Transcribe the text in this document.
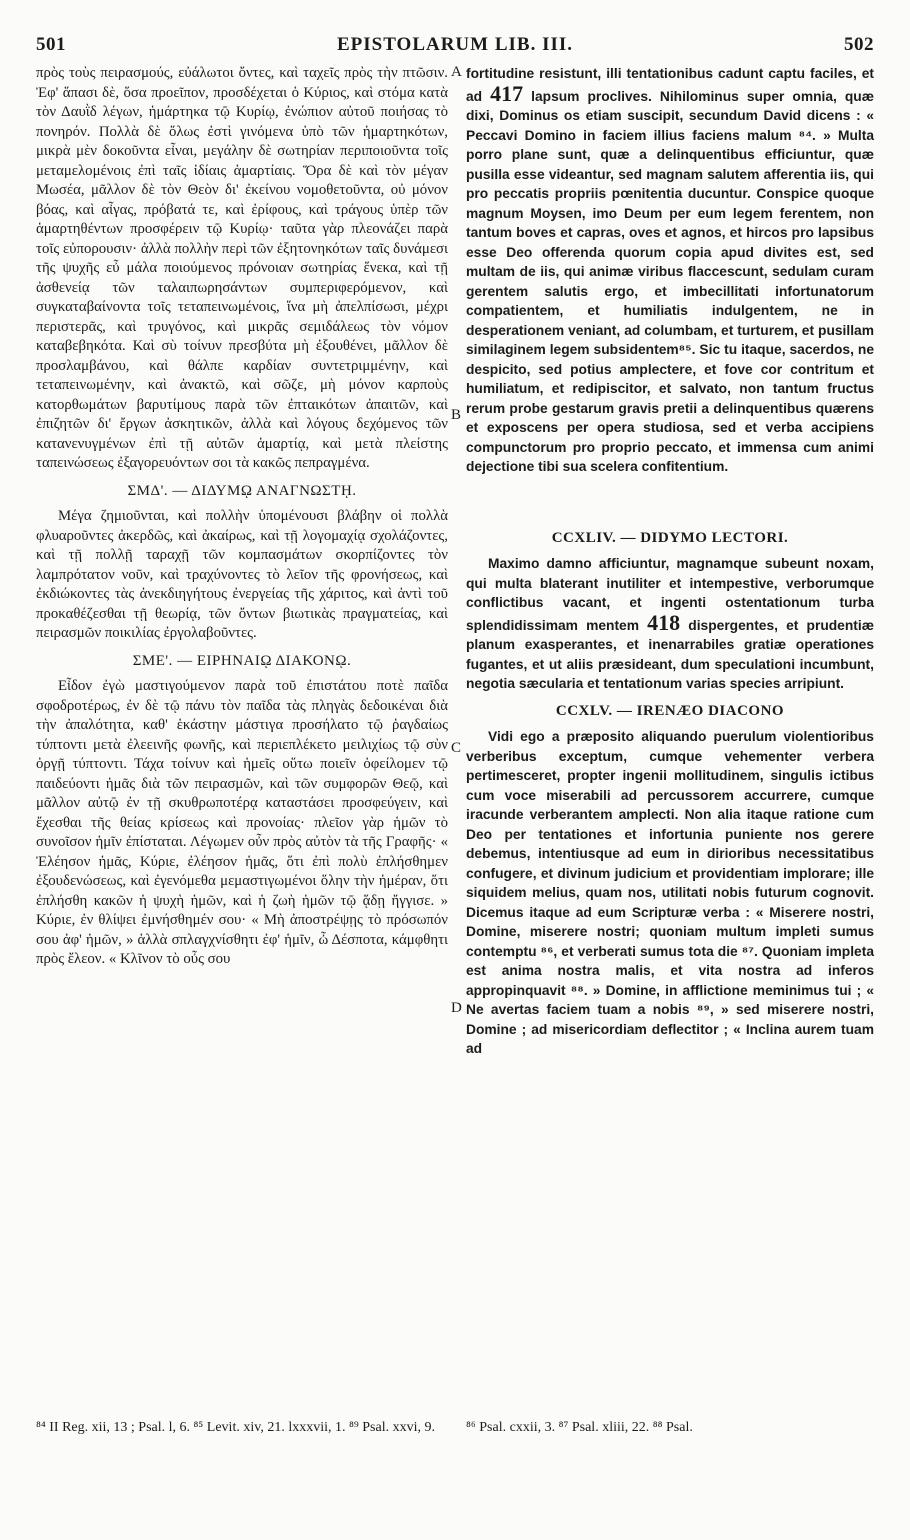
501	EPISTOLARUM LIB. III.	502
A
B
C
D

πρὸς τοὺς πειρασμούς, εὐάλωτοι ὄντες, καὶ ταχεῖς πρὸς τὴν πτῶσιν. Ἐφ' ἅπασι δὲ, ὅσα προεῖπον, προσδέχεται ὁ Κύριος, καὶ στόμα κατὰ τὸν Δαυῒδ λέγων, ἡμάρτηκα τῷ Κυρίῳ, ἐνώπιον αὐτοῦ ποιήσας τὸ πονηρόν. Πολλὰ δὲ ὅλως ἐστὶ γινόμενα ὑπὸ τῶν ἡμαρτηκότων, μικρὰ μὲν δοκοῦντα εἶναι, μεγάλην δὲ σωτηρίαν περιποιοῦντα τοῖς μεταμελομένοις ἐπὶ ταῖς ἰδίαις ἁμαρτίαις. Ὅρα δὲ καὶ τὸν μέγαν Μωσέα, μᾶλλον δὲ τὸν Θεὸν δι' ἐκείνου νομοθετοῦντα, οὐ μόνον βόας, καὶ αἶγας, πρόβατά τε, καὶ ἐρίφους, καὶ τράγους ὑπὲρ τῶν ἁμαρτηθέντων προσφέρειν τῷ Κυρίῳ· ταῦτα γὰρ πλεονάζει παρὰ τοῖς εὐπορουσιν· ἀλλὰ πολλὴν περὶ τῶν ἐξητονηκότων ταῖς δυνάμεσι τῆς ψυχῆς εὖ μάλα ποιούμενος πρόνοιαν σωτηρίας ἕνεκα, καὶ τῇ ἀσθενείᾳ τῶν ταλαιπωρησάντων συμπεριφερόμενον, καὶ συγκαταβαίνοντα τοῖς τεταπεινωμένοις, ἵνα μὴ ἀπελπίσωσι, μέχρι περιστερᾶς, καὶ τρυγόνος, καὶ μικρᾶς σεμιδάλεως τὸν νόμον καταβεβηκότα. Καὶ σὺ τοίνυν πρεσβύτα μὴ ἐξουθένει, μᾶλλον δὲ προσλαμβάνου, καὶ θάλπε καρδίαν συντετριμμένην, καὶ τεταπεινωμένην, καὶ ἀνακτῶ, καὶ σῶζε, μὴ μόνον καρποὺς κατορθωμάτων βαρυτίμους παρὰ τῶν ἐπταικότων ἀπαιτῶν, καὶ ἐπιζητῶν δι' ἔργων ἀσκητικῶν, ἀλλὰ καὶ λόγους δεχόμενος τῶν κατανενυγμένων ἐπὶ τῇ αὐτῶν ἁμαρτίᾳ, καὶ μετὰ πλείστης ταπεινώσεως ἐξαγορευόντων σοι τὰ κακῶς πεπραγμένα.

ΣΜΔ'. — ΔΙΔΥΜῼ ΑΝΑΓΝΩΣΤῌ.

Μέγα ζημιοῦνται, καὶ πολλὴν ὑπομένουσι βλάβην οἱ πολλὰ φλυαροῦντες ἀκερδῶς, καὶ ἀκαίρως, καὶ τῇ λογομαχίᾳ σχολάζοντες, καὶ τῇ πολλῇ ταραχῇ τῶν κομπασμάτων σκορπίζοντες τὸν λαμπρότατον νοῦν, καὶ τραχύνοντες τὸ λεῖον τῆς φρονήσεως, καὶ ἐκδιώκοντες τὰς ἀνεκδιηγήτους ἐνεργείας τῆς χάριτος, καὶ ἀντὶ τοῦ προκαθέζεσθαι τῇ θεωρίᾳ, τῶν ὄντων βιωτικὰς πραγματείας, καὶ πειρασμῶν ποικιλίας ἐργολαβοῦντες.

ΣΜΕ'. — ΕΙΡΗΝΑΙῼ ΔΙΑΚΟΝῼ.

Εἶδον ἐγὼ μαστιγούμενον παρὰ τοῦ ἐπιστάτου ποτὲ παῖδα σφοδροτέρως, ἐν δὲ τῷ πάνυ τὸν παῖδα τὰς πληγὰς δεδοικέναι διὰ τὴν ἀπαλότητα, καθ' ἑκάστην μάστιγα προσήλατο τῷ ῥαγδαίως τύπτοντι μετὰ ἐλεεινῆς φωνῆς, καὶ περιεπλέκετο μειλιχίως τῷ σὺν ὀργῇ τύπτοντι. Τάχα τοίνυν καὶ ἡμεῖς οὕτω ποιεῖν ὀφείλομεν τῷ παιδεύοντι ἡμᾶς διὰ τῶν πειρασμῶν, καὶ τῶν συμφορῶν Θεῷ, καὶ μᾶλλον αὐτῷ ἐν τῇ σκυθρωποτέρᾳ καταστάσει προσφεύγειν, καὶ ἔχεσθαι τῆς θείας κρίσεως καὶ προνοίας· πλεῖον γὰρ ἡμῶν τὸ συνοῖσον ἡμῖν ἐπίσταται. Λέγωμεν οὖν πρὸς αὐτὸν τὰ τῆς Γραφῆς· « Ἐλέησον ἡμᾶς, Κύριε, ἐλέησον ἡμᾶς, ὅτι ἐπὶ πολὺ ἐπλήσθημεν ἐξουδενώσεως, καὶ ἐγενόμεθα μεμαστιγωμένοι ὅλην τὴν ἡμέραν, ὅτι ἐπλήσθη κακῶν ἡ ψυχὴ ἡμῶν, καὶ ἡ ζωὴ ἡμῶν τῷ ᾅδῃ ἤγγισε. » Κύριε, ἐν θλίψει ἐμνήσθημέν σου· « Μὴ ἀποστρέψῃς τὸ πρόσωπόν σου ἀφ' ἡμῶν, » ἀλλὰ σπλαγχνίσθητι ἐφ' ἡμῖν, ὦ Δέσποτα, κάμφθητι πρὸς ἔλεον. « Κλῖνον τὸ οὖς σου

fortitudine resistunt, illi tentationibus cadunt captu faciles, et ad 417 lapsum proclives. Nihilominus super omnia, quæ dixi, Dominus os etiam suscipit, secundum David dicens : « Peccavi Domino in faciem illius faciens malum ⁸⁴. » Multa porro plane sunt, quæ a delinquentibus efficiuntur, quæ pusilla esse videantur, sed magnam salutem afferentia iis, qui pro peccatis propriis pœnitentia ducuntur. Conspice quoque magnum Moysen, imo Deum per eum legem ferentem, non tantum boves et capras, oves et agnos, et hircos pro lapsibus esse Deo offerenda quorum copia apud divites est, sed multam de iis, qui animæ viribus flaccescunt, sedulam curam gerentem salutis ergo, et imbecillitati infortunatorum compatientem, et humiliatis indulgentem, ne in desperationem veniant, ad columbam, et turturem, et pusillam similaginem legem subsidentem⁸⁵. Sic tu itaque, sacerdos, ne despicito, sed potius amplectere, et fove cor contritum et humiliatum, et redipiscitor, et salvato, non tantum fructus rerum probe gestarum gravis pretii a delinquentibus quærens et exposcens per opera studiosa, sed et verba accipiens compunctorum pro proprio peccato, et immensa cum animi dejectione tibi sua scelera confitentium.

CCXLIV. — DIDYMO LECTORI.

Maximo damno afficiuntur, magnamque subeunt noxam, qui multa blaterant inutiliter et intempestive, verborumque conflictibus vacant, et ingenti ostentationum turba splendidissimam mentem 418 dispergentes, et prudentiæ planum exasperantes, et inenarrabiles gratiæ operationes fugantes, et ut aliis præsideant, dum speculationi incumbunt, negotia sæcularia et tentationum varias species arripiunt.

CCXLV. — IRENÆO DIACONO

Vidi ego a præposito aliquando puerulum violentioribus verberibus exceptum, cumque vehementer verbera pertimesceret, propter ingenii mollitudinem, singulis ictibus cum voce miserabili ad percussorem accurrere, cumque iracunde verberantem amplecti. Non alia itaque ratione cum Deo per tentationes et infortunia puniente nos gerere debemus, intentiusque ad eum in dirioribus necessitatibus confugere, et divinum judicium et providentiam implorare; ille siquidem melius, quam nos, utilitati nobis futurum cognovit. Dicemus itaque ad eum Scripturæ verba : « Miserere nostri, Domine, miserere nostri; quoniam multum impleti sumus contemptu ⁸⁶, et verberati sumus tota die ⁸⁷. Quoniam impleta est anima nostra malis, et vita nostra ad inferos appropinquavit ⁸⁸. » Domine, in afflictione meminimus tui ; « Ne avertas faciem tuam a nobis ⁸⁹, » sed miserere nostri, Domine ; ad misericordiam deflectitor ; « Inclina aurem tuam ad

⁸⁴ II Reg. xii, 13 ; Psal. l, 6. ⁸⁵ Levit. xiv, 21. lxxxvii, 1. ⁸⁹ Psal. xxvi, 9.	⁸⁶ Psal. cxxii, 3. ⁸⁷ Psal. xliii, 22. ⁸⁸ Psal.
